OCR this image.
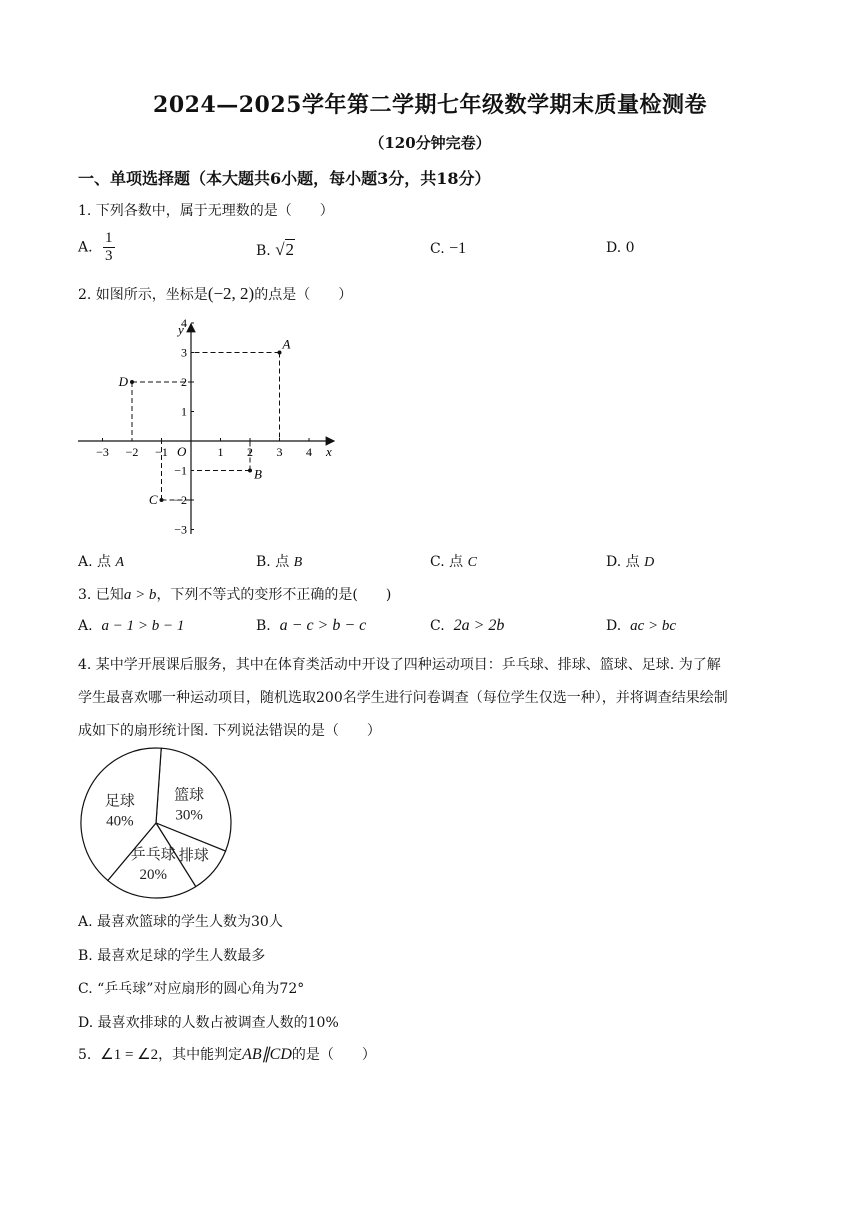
2024—2025学年第二学期七年级数学期末质量检测卷
（120分钟完卷）
一、单项选择题（本大题共6小题，每小题3分，共18分）
1. 下列各数中，属于无理数的是（　　）
A. $\frac{1}{3}$	B. √2	C. −1	D. 0
2. 如图所示，坐标是(−2, 2)的点是（　　）
−3 −2 −1	1 2 3 4
4
3
2
1
−1
−2
−3
x
y
O
A
B
C
D
A. 点 A	B. 点 B	C. 点 C	D. 点 D
3. 已知a > b，下列不等式的变形不正确的是(　　)
A. a − 1 > b − 1	B. a − c > b − c	C. 2a > 2b	D. ac > bc
4. 某中学开展课后服务，其中在体育类活动中开设了四种运动项目：乒乓球、排球、篮球、足球. 为了解
学生最喜欢哪一种运动项目，随机选取200名学生进行问卷调查（每位学生仅选一种），并将调查结果绘制
成如下的扇形统计图. 下列说法错误的是（　　）
篮球
30%
排球
乒乓球
20%
足球
40%
A. 最喜欢篮球的学生人数为30人
B. 最喜欢足球的学生人数最多
C. “乒乓球”对应扇形的圆心角为72°
D. 最喜欢排球的人数占被调查人数的10%
5. ∠1 = ∠2，其中能判定AB∥CD的是（　　）
